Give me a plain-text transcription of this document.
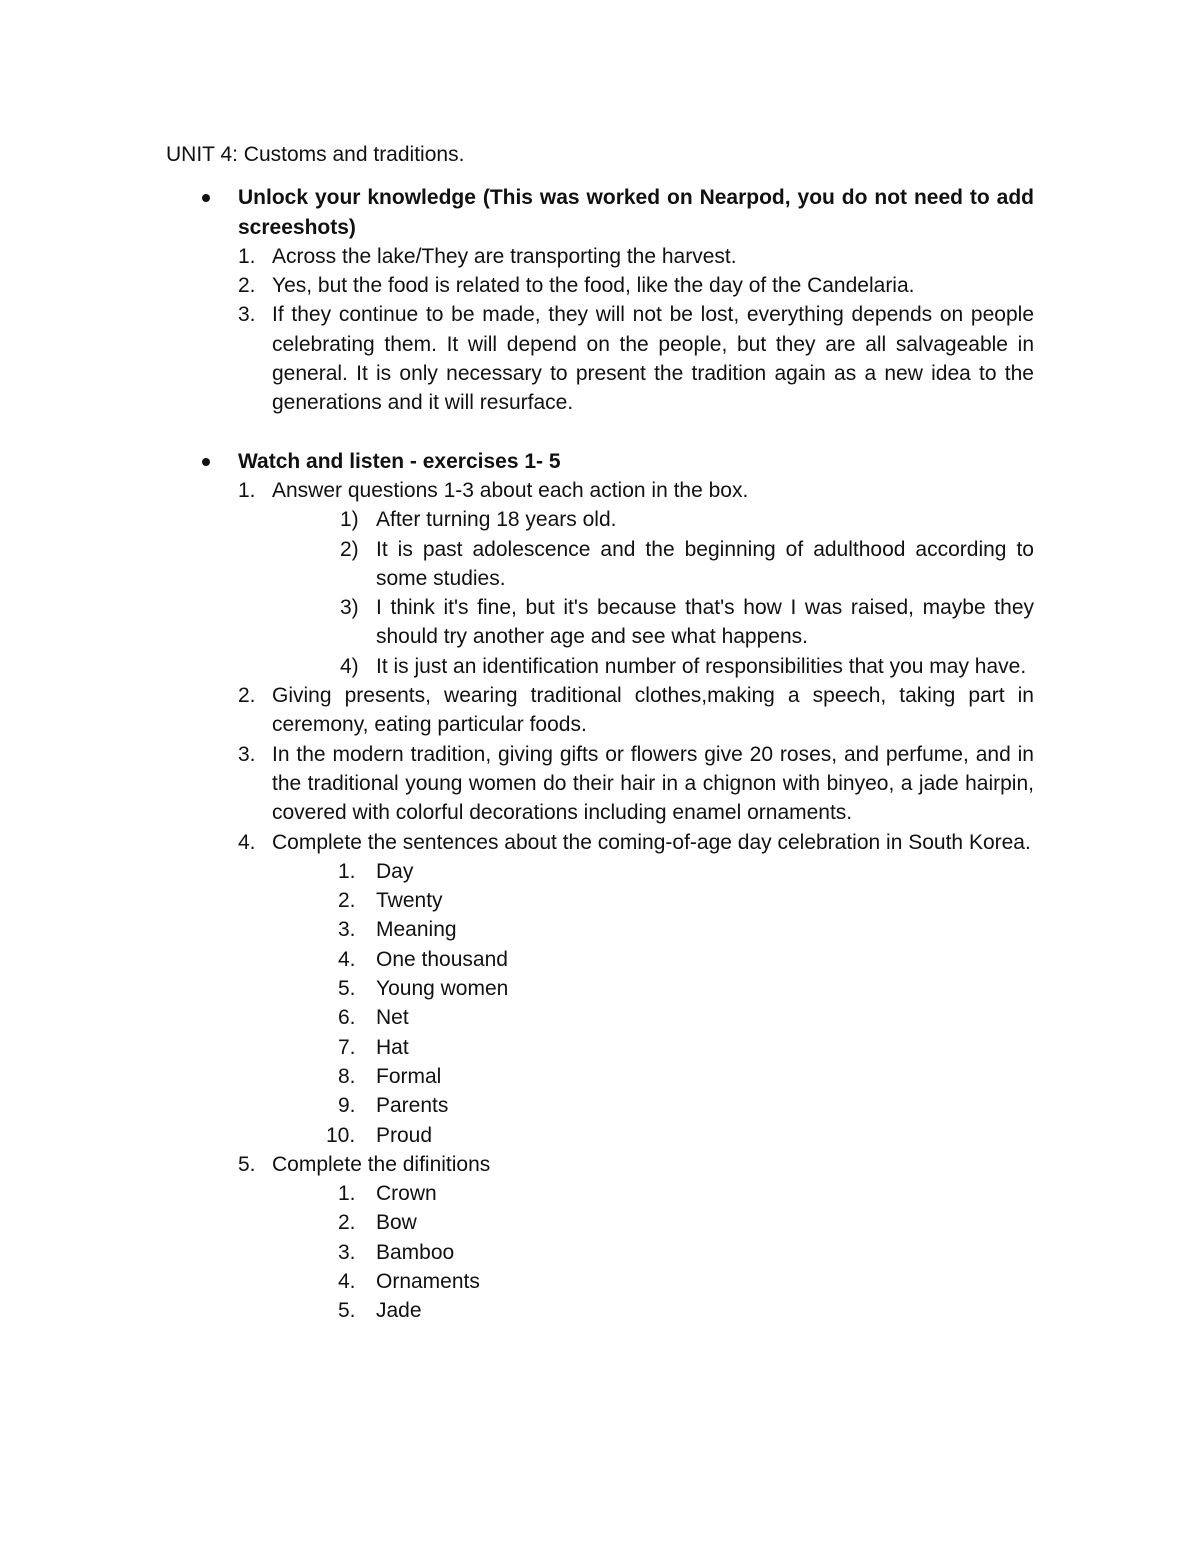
UNIT 4: Customs and traditions.
Unlock your knowledge (This was worked on Nearpod, you do not need to add screeshots)
1. Across the lake/They are transporting the harvest.
2. Yes, but the food is related to the food, like the day of the Candelaria.
3. If they continue to be made, they will not be lost, everything depends on people celebrating them. It will depend on the people, but they are all salvageable in general. It is only necessary to present the tradition again as a new idea to the generations and it will resurface.
Watch and listen - exercises 1- 5
1. Answer questions 1-3 about each action in the box.
1) After turning 18 years old.
2) It is past adolescence and the beginning of adulthood according to some studies.
3) I think it's fine, but it's because that's how I was raised, maybe they should try another age and see what happens.
4) It is just an identification number of responsibilities that you may have.
2. Giving presents, wearing traditional clothes,making a speech, taking part in ceremony, eating particular foods.
3. In the modern tradition, giving gifts or flowers give 20 roses, and perfume, and in the traditional young women do their hair in a chignon with binyeo, a jade hairpin, covered with colorful decorations including enamel ornaments.
4. Complete the sentences about the coming-of-age day celebration in South Korea.
1. Day
2. Twenty
3. Meaning
4. One thousand
5. Young women
6. Net
7. Hat
8. Formal
9. Parents
10. Proud
5. Complete the difinitions
1. Crown
2. Bow
3. Bamboo
4. Ornaments
5. Jade
